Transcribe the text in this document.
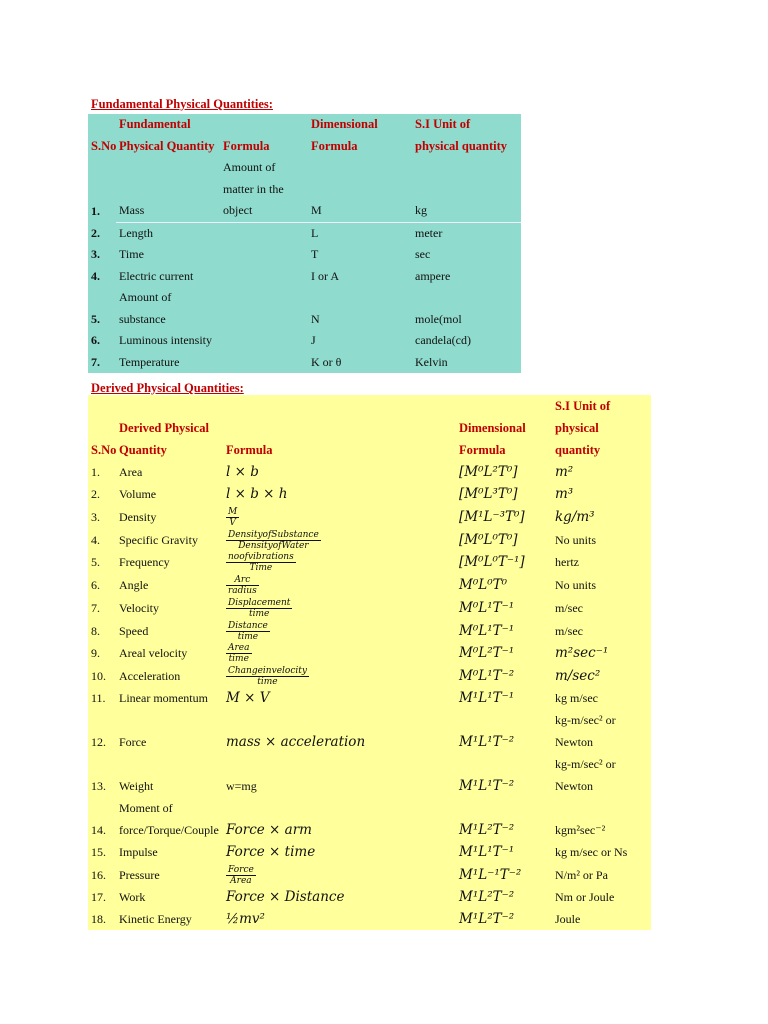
Fundamental Physical Quantities:
S.No	Fundamental
Physical Quantity	Formula	Dimensional
Formula	S.I Unit of
physical quantity
1.	Mass	Amount of
matter in the
object	M	kg
2.	Length		L	meter
3.	Time		T	sec
4.	Electric current		I or A	ampere
5.	Amount of
substance		N	mole(mol
6.	Luminous intensity		J	candela(cd)
7.	Temperature		K or θ	Kelvin
Derived Physical Quantities:
S.No	Derived Physical
Quantity	Formula	Dimensional
Formula	S.I Unit of
physical
quantity
1.	Area	l × b	[M⁰L²T⁰]	m²
2.	Volume	l × b × h	[M⁰L³T⁰]	m³
3.	Density	$\frac{M}{V}$	[M¹L⁻³T⁰]	kg/m³
4.	Specific Gravity	$\frac{\text{DensityofSubstance}}{\text{DensityofWater}}$	[M⁰L⁰T⁰]	No units
5.	Frequency	$\frac{\text{noofvibrations}}{\text{Time}}$	[M⁰L⁰T⁻¹]	hertz
6.	Angle	$\frac{\text{Arc}}{\text{radius}}$	M⁰L⁰T⁰	No units
7.	Velocity	$\frac{\text{Displacement}}{\text{time}}$	M⁰L¹T⁻¹	m/sec
8.	Speed	$\frac{\text{Distance}}{\text{time}}$	M⁰L¹T⁻¹	m/sec
9.	Areal velocity	$\frac{\text{Area}}{\text{time}}$	M⁰L²T⁻¹	m²sec⁻¹
10.	Acceleration	$\frac{\text{Changeinvelocity}}{\text{time}}$	M⁰L¹T⁻²	m/sec²
11.	Linear momentum	M × V	M¹L¹T⁻¹	kg m/sec
12.	Force	mass × acceleration	M¹L¹T⁻²	kg-m/sec² or
Newton
13.	Weight	w=mg	M¹L¹T⁻²	kg-m/sec² or
Newton
14.	Moment of
force/Torque/Couple	Force × arm	M¹L²T⁻²	kgm²sec⁻²
15.	Impulse	Force × time	M¹L¹T⁻¹	kg m/sec or Ns
16.	Pressure	$\frac{\text{Force}}{\text{Area}}$	M¹L⁻¹T⁻²	N/m² or Pa
17.	Work	Force × Distance	M¹L²T⁻²	Nm or Joule
18.	Kinetic Energy	½mv²	M¹L²T⁻²	Joule
